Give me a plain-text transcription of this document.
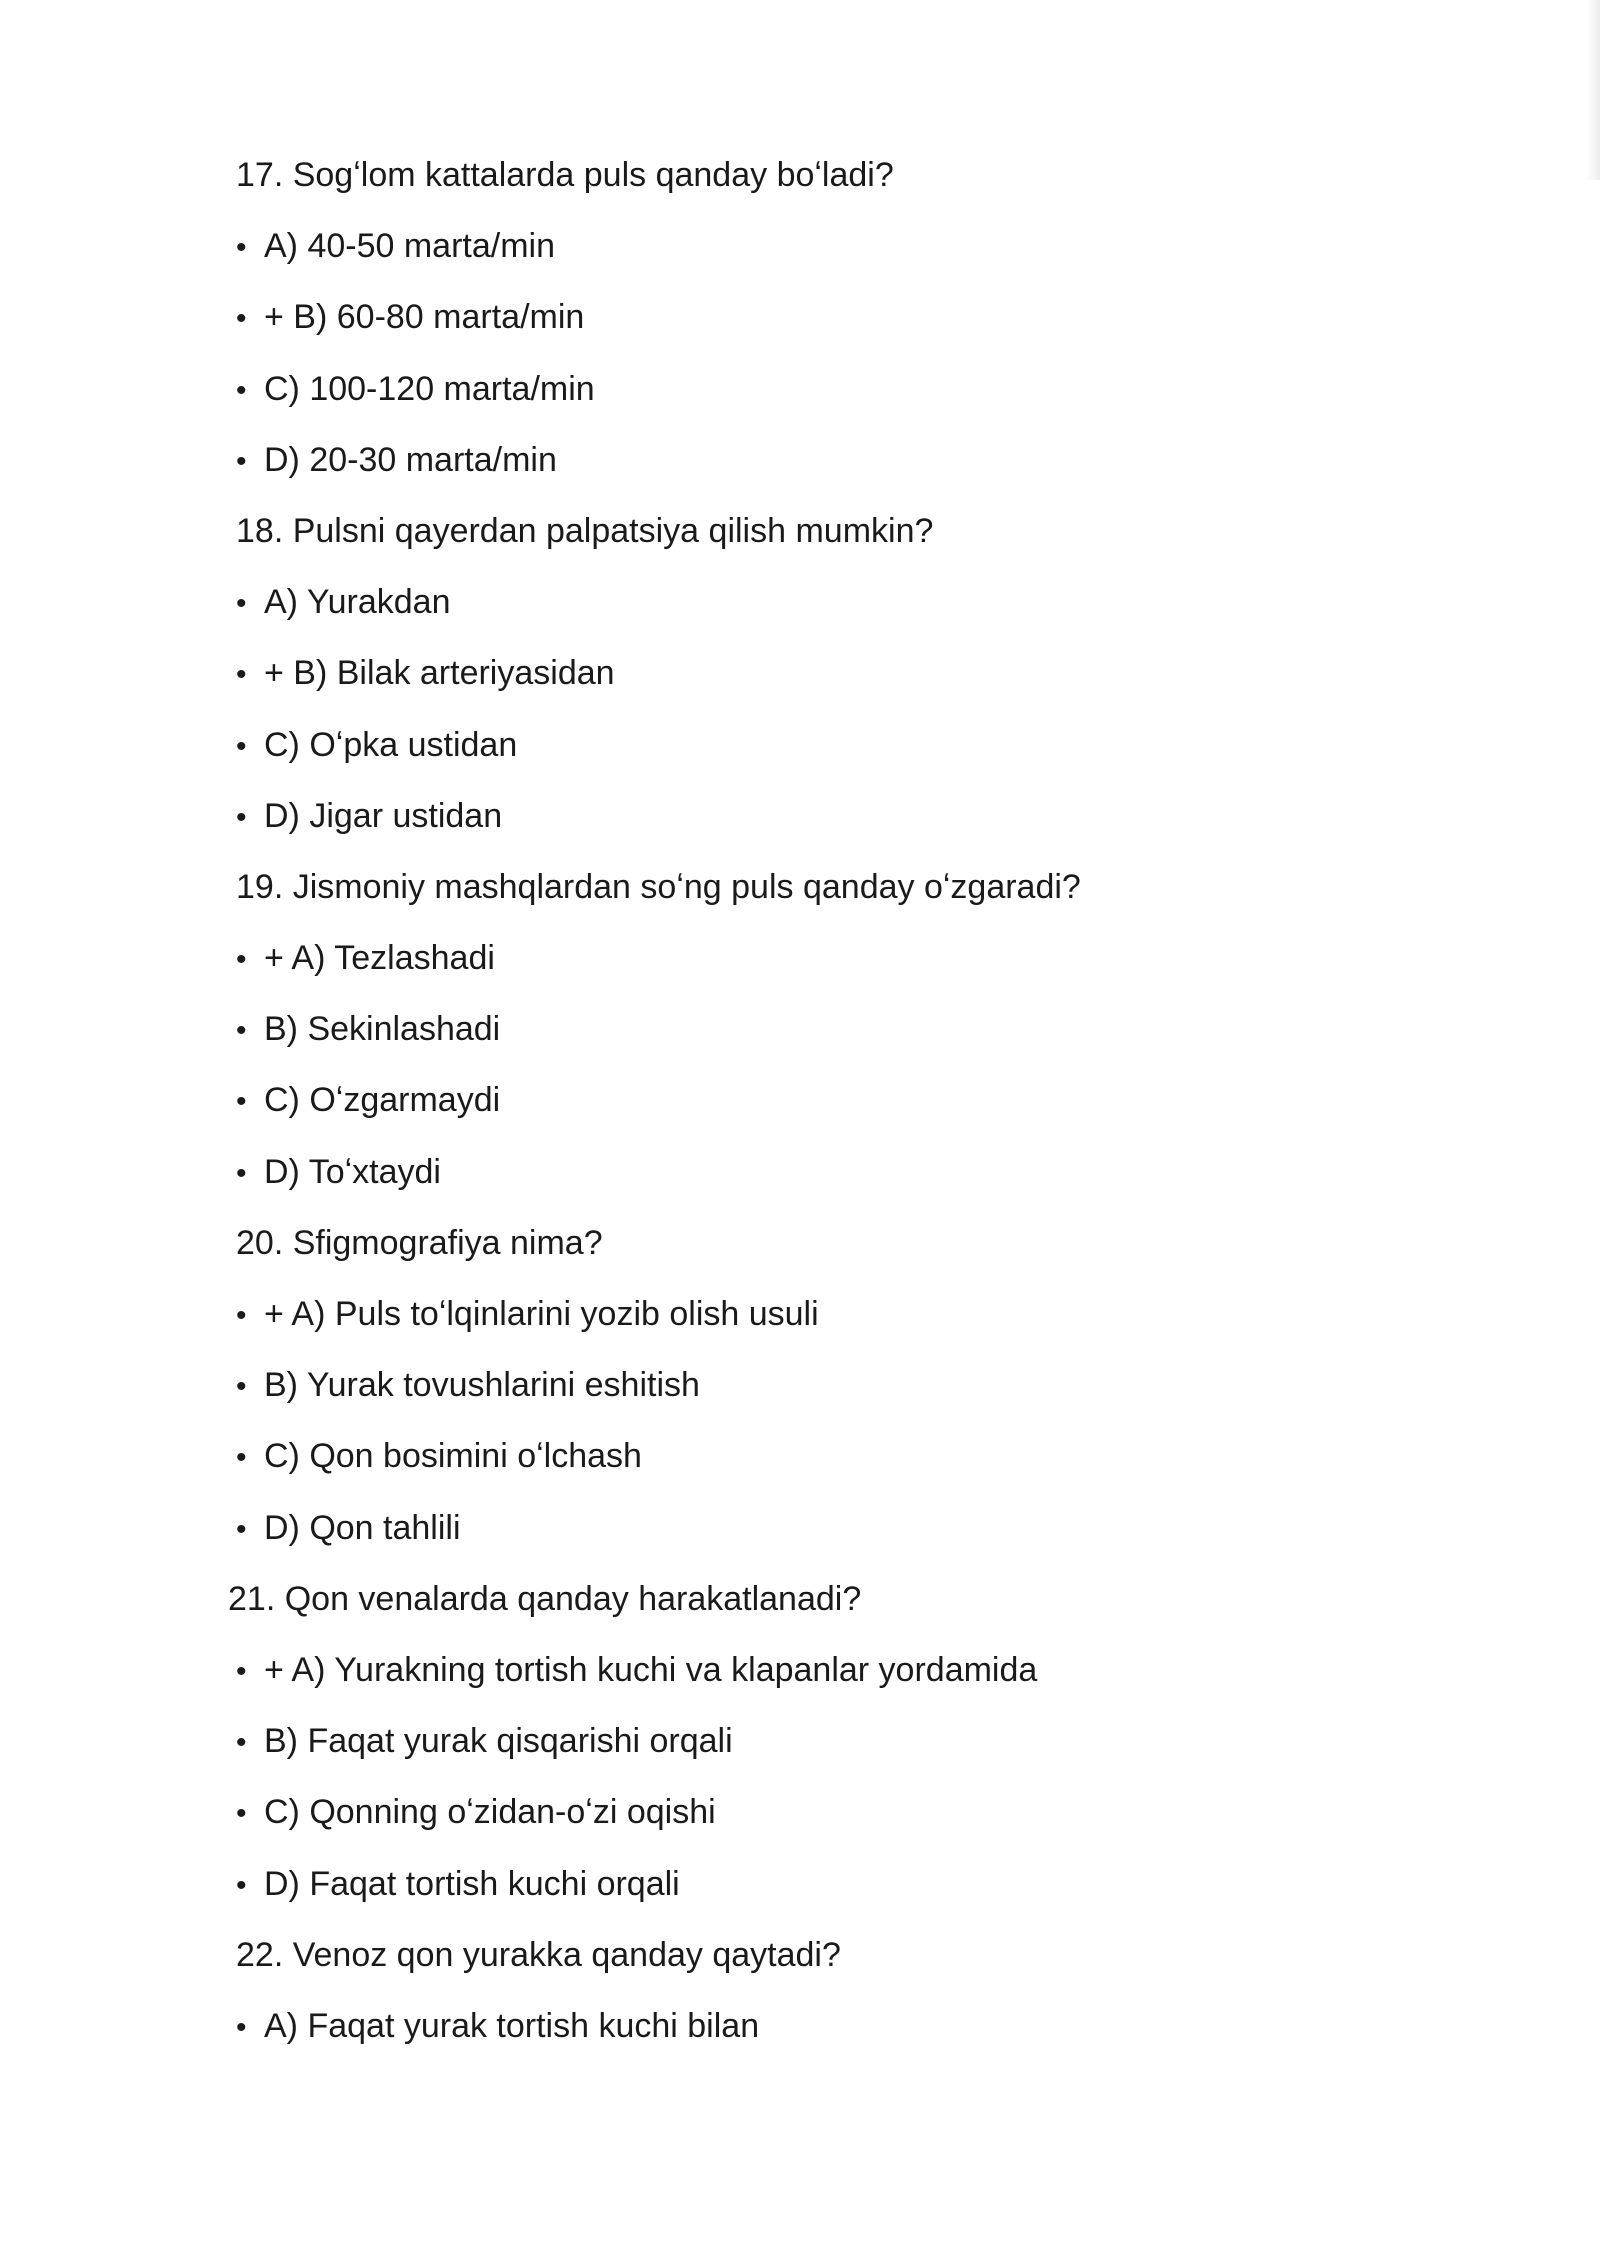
17. Sogʻlom kattalarda puls qanday boʻladi?
• A) 40-50 marta/min
• + B) 60-80 marta/min
• C) 100-120 marta/min
• D) 20-30 marta/min
18. Pulsni qayerdan palpatsiya qilish mumkin?
• A) Yurakdan
• + B) Bilak arteriyasidan
• C) Oʻpka ustidan
• D) Jigar ustidan
19. Jismoniy mashqlardan soʻng puls qanday oʻzgaradi?
• + A) Tezlashadi
• B) Sekinlashadi
• C) Oʻzgarmaydi
• D) Toʻxtaydi
20. Sfigmografiya nima?
• + A) Puls toʻlqinlarini yozib olish usuli
• B) Yurak tovushlarini eshitish
• C) Qon bosimini oʻlchash
• D) Qon tahlili
21. Qon venalarda qanday harakatlanadi?
• + A) Yurakning tortish kuchi va klapanlar yordamida
• B) Faqat yurak qisqarishi orqali
• C) Qonning oʻzidan-oʻzi oqishi
• D) Faqat tortish kuchi orqali
22. Venoz qon yurakka qanday qaytadi?
• A) Faqat yurak tortish kuchi bilan
